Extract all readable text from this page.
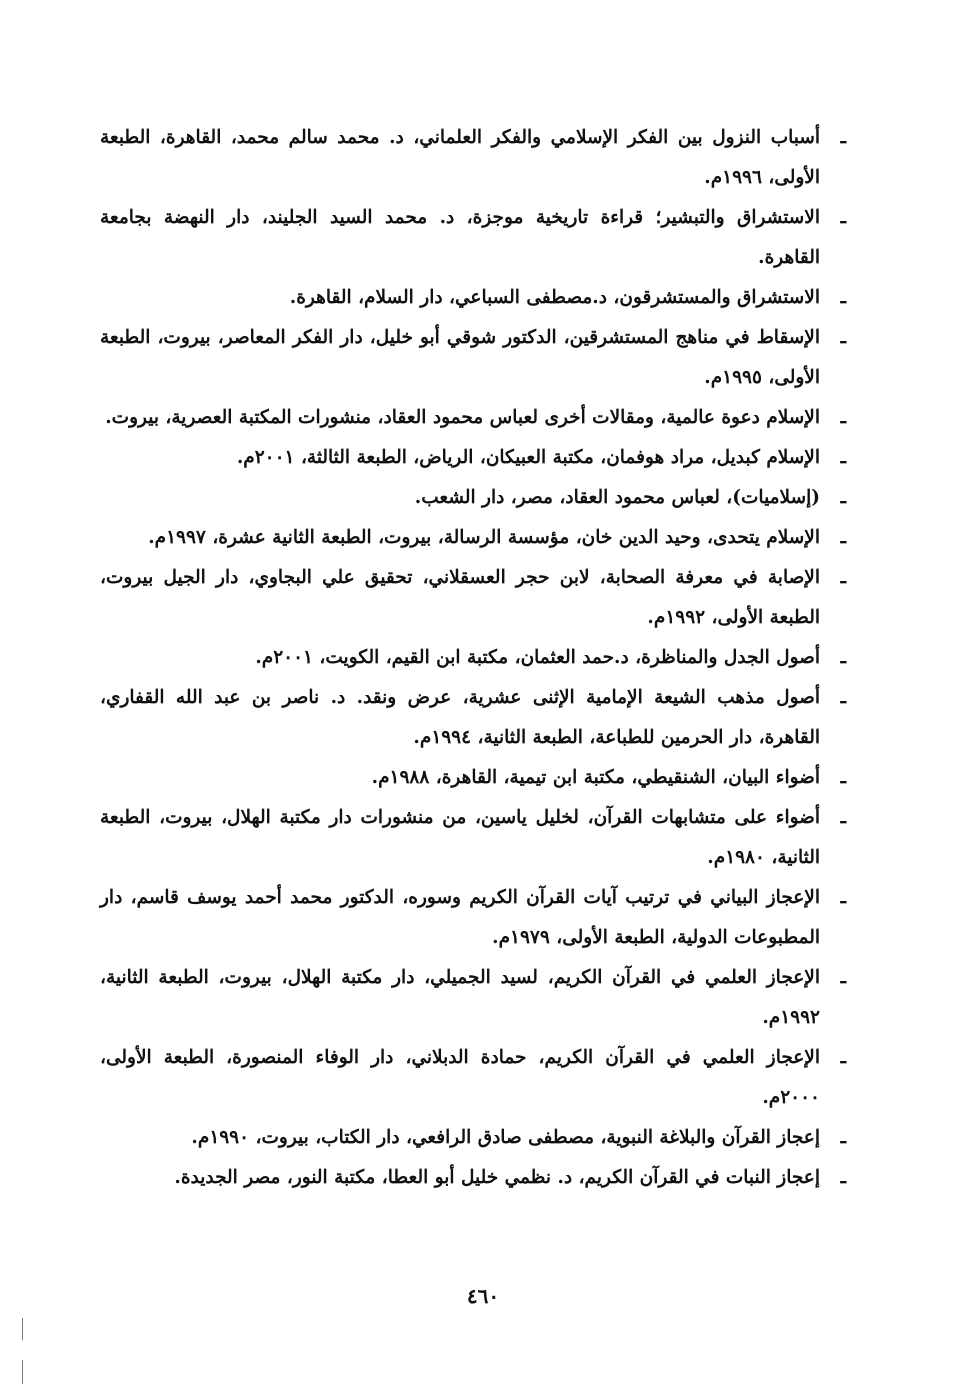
ـ أسباب النزول بين الفكر الإسلامي والفكر العلماني، د. محمد سالم محمد، القاهرة، الطبعة الأولى، ١٩٩٦م.
ـ الاستشراق والتبشير؛ قراءة تاريخية موجزة، د. محمد السيد الجليند، دار النهضة بجامعة القاهرة.
ـ الاستشراق والمستشرقون، د.مصطفى السباعي، دار السلام، القاهرة.
ـ الإسقاط في مناهج المستشرقين، الدكتور شوقي أبو خليل، دار الفكر المعاصر، بيروت، الطبعة الأولى، ١٩٩٥م.
ـ الإسلام دعوة عالمية، ومقالات أخرى لعباس محمود العقاد، منشورات المكتبة العصرية، بيروت.
ـ الإسلام كبديل، مراد هوفمان، مكتبة العبيكان، الرياض، الطبعة الثالثة، ٢٠٠١م.
ـ (إسلاميات)، لعباس محمود العقاد، مصر، دار الشعب.
ـ الإسلام يتحدى، وحيد الدين خان، مؤسسة الرسالة، بيروت، الطبعة الثانية عشرة، ١٩٩٧م.
ـ الإصابة في معرفة الصحابة، لابن حجر العسقلاني، تحقيق علي البجاوي، دار الجيل بيروت، الطبعة الأولى، ١٩٩٢م.
ـ أصول الجدل والمناظرة، د.حمد العثمان، مكتبة ابن القيم، الكويت، ٢٠٠١م.
ـ أصول مذهب الشيعة الإمامية الإثنى عشرية، عرض ونقد. د. ناصر بن عبد الله القفاري، القاهرة، دار الحرمين للطباعة، الطبعة الثانية، ١٩٩٤م.
ـ أضواء البيان، الشنقيطي، مكتبة ابن تيمية، القاهرة، ١٩٨٨م.
ـ أضواء على متشابهات القرآن، لخليل ياسين، من منشورات دار مكتبة الهلال، بيروت، الطبعة الثانية، ١٩٨٠م.
ـ الإعجاز البياني في ترتيب آيات القرآن الكريم وسوره، الدكتور محمد أحمد يوسف قاسم، دار المطبوعات الدولية، الطبعة الأولى، ١٩٧٩م.
ـ الإعجاز العلمي في القرآن الكريم، لسيد الجميلي، دار مكتبة الهلال، بيروت، الطبعة الثانية، ١٩٩٢م.
ـ الإعجاز العلمي في القرآن الكريم، حمادة الدبلاني، دار الوفاء المنصورة، الطبعة الأولى، ٢٠٠٠م.
ـ إعجاز القرآن والبلاغة النبوية، مصطفى صادق الرافعي، دار الكتاب، بيروت، ١٩٩٠م.
ـ إعجاز النبات في القرآن الكريم، د. نظمي خليل أبو العطا، مكتبة النور، مصر الجديدة.
٤٦٠
